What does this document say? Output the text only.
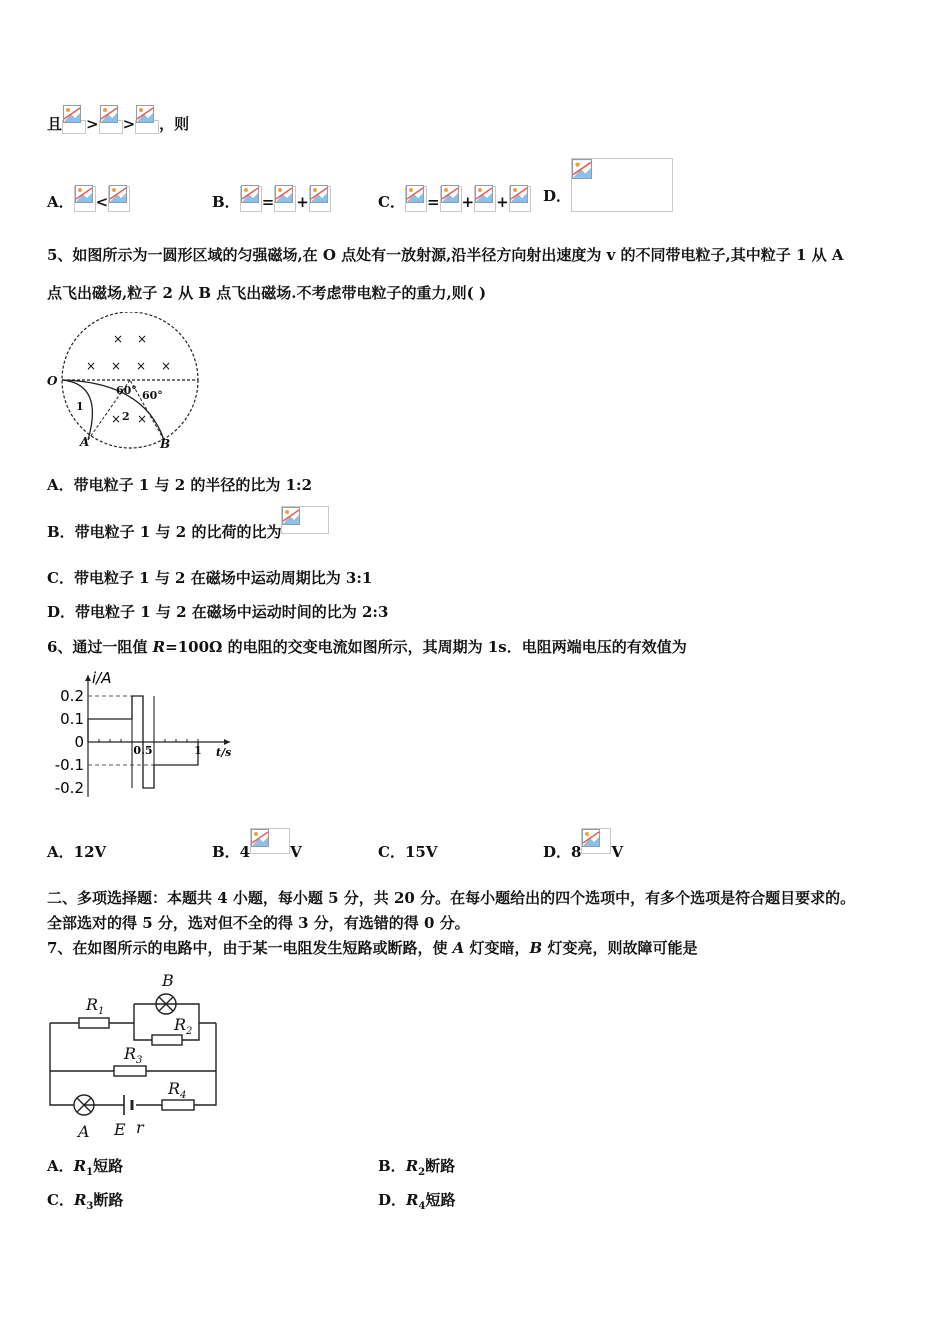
且 > > ，则
A． <	B． = +	C． = + +	D．
5、如图所示为一圆形区域的匀强磁场,在 O 点处有一放射源,沿半径方向射出速度为 v 的不同带电粒子,其中粒子 1 从 A
点飞出磁场,粒子 2 从 B 点飞出磁场.不考虑带电粒子的重力,则( )
× ×
× × × ×
× ×
O
A	B
1
2
60° 60°
A．带电粒子 1 与 2 的半径的比为 1:2
B．带电粒子 1 与 2 的比荷的比为
C．带电粒子 1 与 2 在磁场中运动周期比为 3:1
D．带电粒子 1 与 2 在磁场中运动时间的比为 2:3
6、通过一阻值 R=100Ω 的电阻的交变电流如图所示，其周期为 1s．电阻两端电压的有效值为
i/A
t/s
0.2
0.1
0
-0.1
-0.2
0.5	1
A．12V	B．4	V	C．15V	D．8 V
二、多项选择题：本题共 4 小题，每小题 5 分，共 20 分。在每小题给出的四个选项中，有多个选项是符合题目要求的。
全部选对的得 5 分，选对但不全的得 3 分，有选错的得 0 分。
7、在如图所示的电路中，由于某一电阻发生短路或断路，使 A 灯变暗，B 灯变亮，则故障可能是
R 1
R 2
R 3
R 4
B
A E r
A．$R_1$短路	B．$R_2$断路
C．$R_3$断路	D．$R_4$短路
